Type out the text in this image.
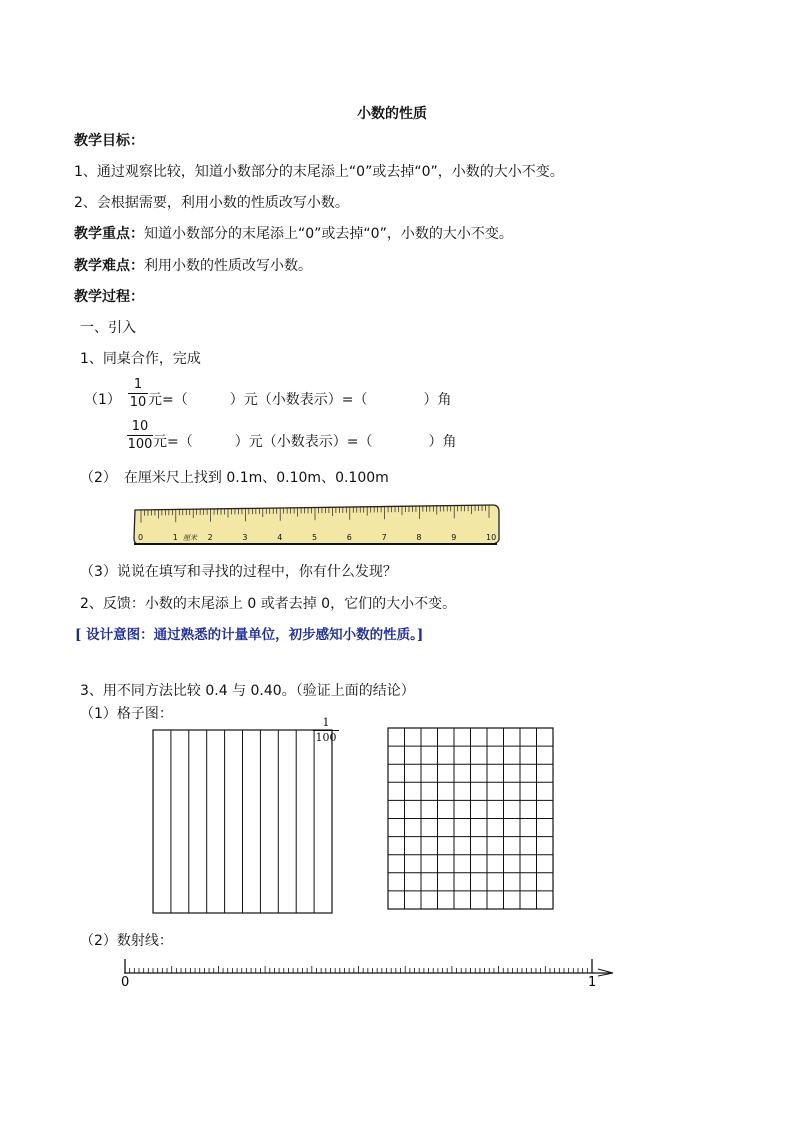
小数的性质
教学目标：
1、通过观察比较，知道小数部分的末尾添上“0”或去掉“0”，小数的大小不变。
2、会根据需要，利用小数的性质改写小数。
教学重点：知道小数部分的末尾添上“0”或去掉“0”，小数的大小不变。
教学难点：利用小数的性质改写小数。
教学过程：
一、引入
1、同桌合作，完成
（1）
1
10 元=（　　　）元（小数表示）=（　　　　）角
10
100 元=（　　　）元（小数表示）=（　　　　）角
（2）　在厘米尺上找到 0.1m、0.10m、0.100m
0	1	2	3	4	5	6	7	8	9	10
厘米
（3）说说在填写和寻找的过程中，你有什么发现？
2、反馈：小数的末尾添上 0 或者去掉 0，它们的大小不变。
[ 设计意图：通过熟悉的计量单位，初步感知小数的性质。]
3、用不同方法比较 0.4 与 0.40。（验证上面的结论）
（1）格子图：
1
100
（2）数射线：
0	1
